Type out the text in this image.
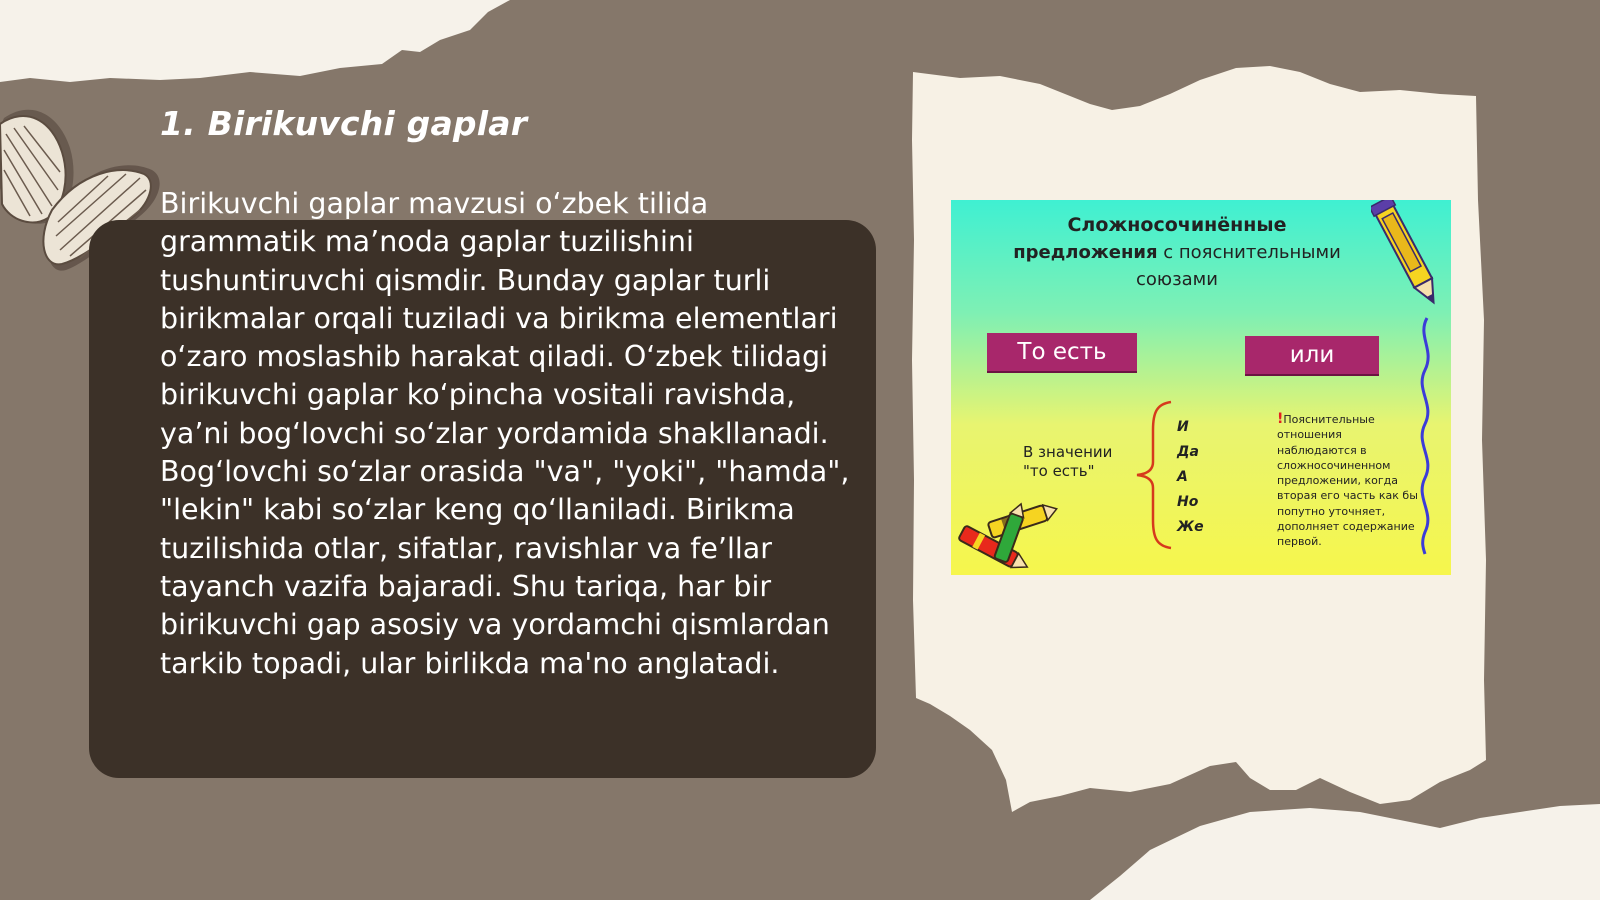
1. Birikuvchi gaplar

Birikuvchi gaplar mavzusi o‘zbek tilida grammatik ma’noda gaplar tuzilishini tushuntiruvchi qismdir. Bunday gaplar turli birikmalar orqali tuziladi va birikma elementlari o‘zaro moslashib harakat qiladi. O‘zbek tilidagi birikuvchi gaplar ko‘pincha vositali ravishda, ya’ni bog‘lovchi so‘zlar yordamida shakllanadi. Bog‘lovchi so‘zlar orasida "va", "yoki", "hamda", "lekin" kabi so‘zlar keng qo‘llaniladi. Birikma tuzilishida otlar, sifatlar, ravishlar va fe’llar tayanch vazifa bajaradi. Shu tariqa, har bir birikuvchi gap asosiy va yordamchi qismlardan tarkib topadi, ular birlikda ma'no anglatadi.

Сложносочинённые
предложения с пояснительными
союзами
То есть	или
В значении
"то есть"
И
Да
А
Но
Же
!Пояснительные отношения наблюдаются в сложносочиненном предложении, когда вторая его часть как бы попутно уточняет, дополняет содержание первой.
